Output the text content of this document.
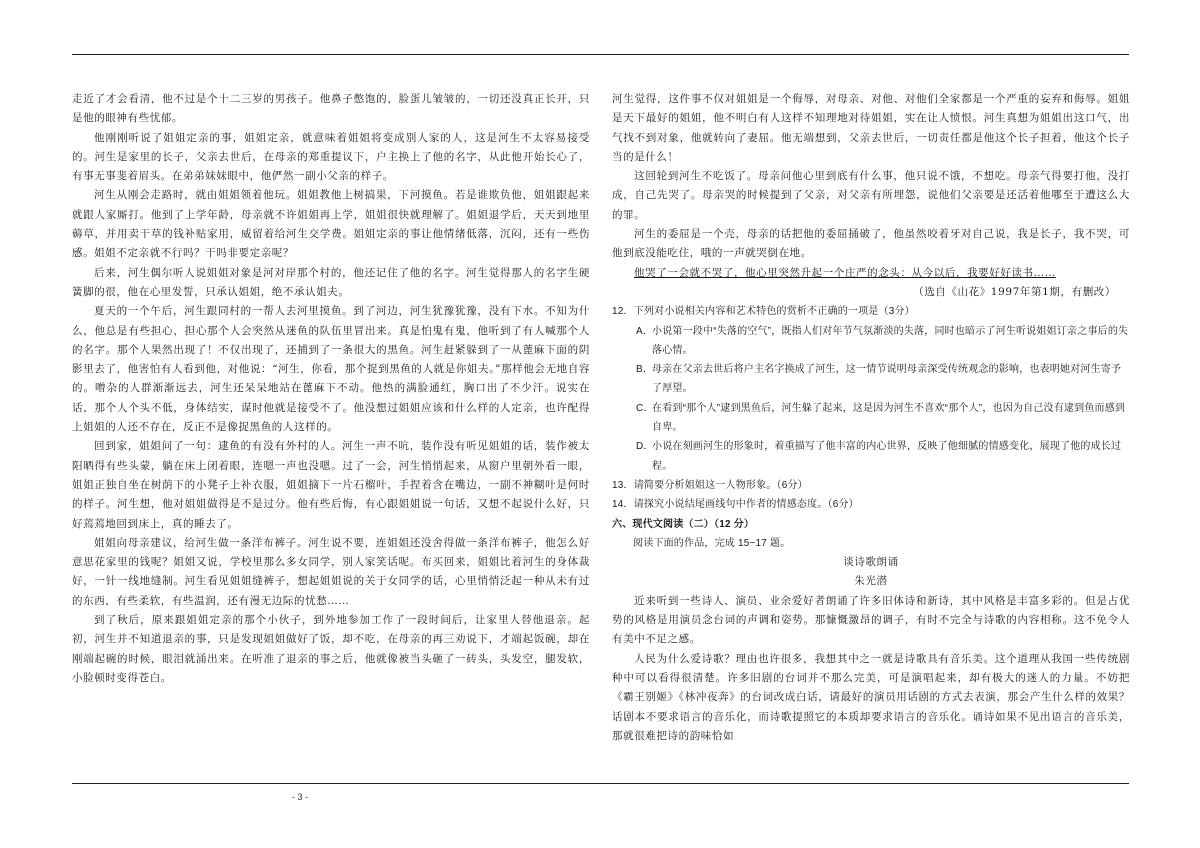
走近了才会看清，他不过是个十二三岁的男孩子。他鼻子憋饱的，脸蛋儿皱皱的，一切还没真正长开，只是他的眼神有些忧郁。

他刚刚听说了姐姐定亲的事，姐姐定亲，就意味着姐姐将变成别人家的人，这是河生不太容易接受的。河生是家里的长子，父亲去世后，在母亲的郑重提议下，户主换上了他的名字，从此他开始长心了，有事无事斐着眉头。在弟弟妹妹眼中，他俨然一副小父亲的样子。

河生从刚会走路时，就由姐姐领着他玩。姐姐教他上树搞果，下河摸鱼。若是谁欺负他，姐姐跟起来就跟人家厮打。他到了上学年龄，母亲就不许姐姐再上学，姐姐很快就理解了。姐姐退学后，天天到地里薅草，并用卖干草的钱补贴家用，威留着给河生交学费。姐姐定亲的事让他情绪低落，沉闷，还有一些伤感。姐姐不定亲就不行吗？干吗非要定亲呢？

后来，河生偶尔听人说姐姐对象是河对岸那个村的，他还记住了他的名字。河生觉得那人的名字生硬簧脚的很，他在心里发誓，只承认姐姐，绝不承认姐夫。

夏天的一个午后，河生跟同村的一帮人去河里摸鱼。到了河边，河生犹豫犹豫，没有下水。不知为什么，他总是有些担心，担心那个人会突然从迷鱼的队伍里冒出来。真是怕鬼有鬼，他听到了有人喊那个人的名字。那个人果然出现了！不仅出现了，还捕到了一条很大的黑鱼。河生赶紧躲到了一从蓖麻下面的阴影里去了，他害怕有人看到他，对他说：“河生，你看，那个捉到黑鱼的人就是你姐夫。”那样他会无地自容的。噌杂的人群渐渐远去，河生还呆呆地站在蓖麻下不动。他热的满脸通红，胸口出了不少汗。说实在话，那个人个头不低，身体结实，谋时他就是接受不了。他没想过姐姐应该和什么样的人定亲，也许配得上姐姐的人还不存在，反正不是像捉黑鱼的人这样的。

回到家，姐姐问了一句：逮鱼的有没有外村的人。河生一声不吭，装作没有听见姐姐的话，装作被太阳晒得有些头蒙，躺在床上闭着眼，连嗯一声也没嗯。过了一会，河生悄悄起来，从窗户里朝外看一眼，姐姐正独自坐在树荫下的小凳子上补衣服，姐姐摘下一片石榴叶，手捏着含在嘴边，一副不神糊叶是何时的样子。河生想，他对姐姐做得是不是过分。他有些后悔，有心跟姐姐说一句话，又想不起说什么好，只好蔫蔫地回到床上，真的睡去了。

姐姐向母亲建议，给河生做一条洋布裤子。河生说不要，连姐姐还没舍得做一条洋布裤子，他怎么好意思花家里的钱呢？姐姐又说，学校里那么多女同学，别人家笑话呢。布买回来，姐姐比着河生的身体裁好，一针一线地缝制。河生看见姐姐缝裤子，想起姐姐说的关于女同学的话，心里悄悄泛起一种从未有过的东西，有些柔软，有些温润，还有漫无边际的忧愁……

到了秋后，原来跟姐姐定亲的那个小伙子，到外地参加工作了一段时间后，让家里人替他退亲。起初，河生并不知道退亲的事，只是发现姐姐做好了饭，却不吃，在母亲的再三劝说下，才端起饭碗，却在刚端起碗的时候，眼泪就涌出来。在听准了退亲的事之后，他就像被当头砸了一砖头，头发空，腿发软，小脸顿时变得苍白。

河生觉得，这件事不仅对姐姐是一个侮辱，对母亲、对他、对他们全家都是一个严重的妄弃和侮辱。姐姐是天下最好的姐姐，他不明白有人这样不知理地对待姐姐，实在让人愤恨。河生真想为姐姐出这口气，出气找不到对象，他就转向了妻屈。他无端想到，父亲去世后，一切责任都是他这个长子担着，他这个长子当的是什么！

这回轮到河生不吃饭了。母亲问他心里到底有什么事，他只说不饿，不想吃。母亲气得要打他，没打成，自己先哭了。母亲哭的时候提到了父亲，对父亲有所埋怨，说他们父亲要是还活着他哪至于遭这么大的罪。

河生的委屈是一个壳，母亲的话把他的委屈捅破了，他虽然咬着牙对自己说，我是长子，我不哭，可他到底没能吃住，哦的一声就哭倒在地。

他哭了一会就不哭了，他心里突然升起一个庄严的念头：从今以后，我要好好读书……

（选自《山花》1997年第1期，有删改）

12．下列对小说相关内容和艺术特色的赏析不正确的一项是（3分）

A．
小说第一段中“失落的空气”，既指人们对年节气氛渐淡的失落，同时也暗示了河生听说姐姐订亲之事后的失落心情。
B．
母亲在父亲去世后将户主名字换成了河生，这一情节说明母亲深受传统观念的影响，也表明她对河生寄予了厚望。
C．
在看到“那个人”逮到黑鱼后，河生躲了起来，这是因为河生不喜欢“那个人”，也因为自己没有逮到鱼而感到自卑。
D．
小说在刻画河生的形象时，着重描写了他丰富的内心世界，反映了他细腻的情感变化，展现了他的成长过程。

13．请简要分析姐姐这一人物形象。（6分）

14．请探究小说结尾画线句中作者的情感态度。（6分）

六、现代文阅读（二）（12 分）

阅读下面的作品，完成 15~17 题。

谈诗歌朗诵

朱光潜

近来听到一些诗人、演员、业余爱好者朗诵了许多旧体诗和新诗，其中风格是丰富多彩的。但是占优势的风格是用演员念台词的声调和姿势。那慷慨激昂的调子，有时不完全与诗歌的内容相称。这不免令人有美中不足之感。

人民为什么爱诗歌？理由也许很多，我想其中之一就是诗歌具有音乐美。这个道理从我国一些传统剧种中可以看得很清楚。许多旧剧的台词并不那么完美，可是演唱起来，却有极大的迷人的力量。不妨把《霸王别姬》《林冲夜奔》的台词改成白话，请最好的演员用话剧的方式去表演，那会产生什么样的效果？话剧本不要求语言的音乐化，而诗歌提照它的本质却要求语言的音乐化。诵诗如果不见出语言的音乐美，那就很难把诗的韵味恰如

- 3 -
